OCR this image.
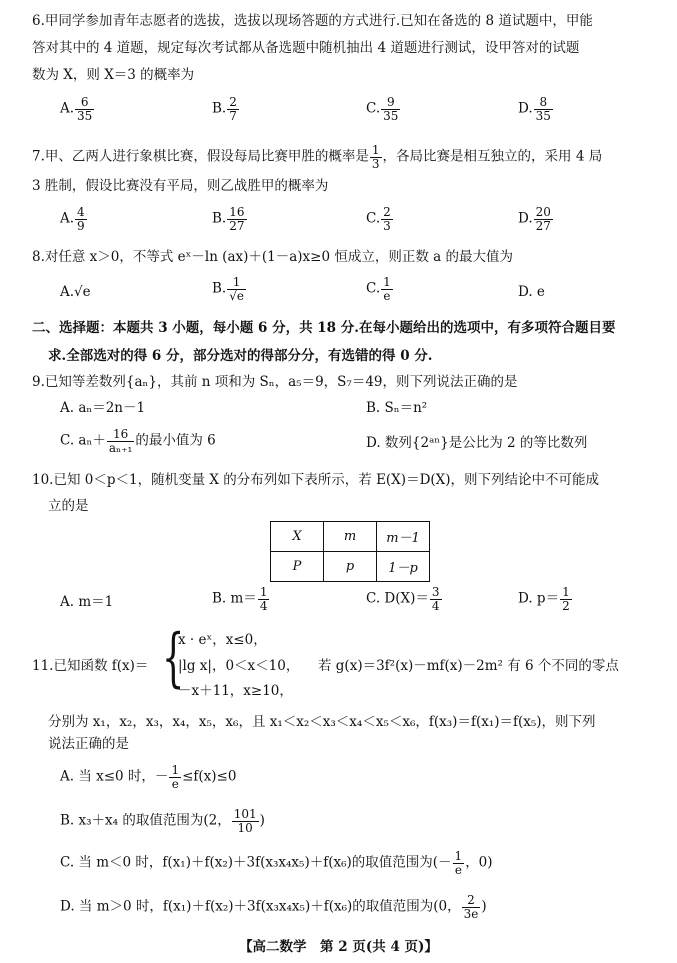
6.甲同学参加青年志愿者的选拔，选拔以现场答题的方式进行.已知在备选的 8 道试题中，甲能
答对其中的 4 道题，规定每次考试都从备选题中随机抽出 4 道题进行测试，设甲答对的试题
数为 X，则 X＝3 的概率为
A. $\frac{6}{35}$	B. $\frac{2}{7}$	C. $\frac{9}{35}$	D. $\frac{8}{35}$
7.甲、乙两人进行象棋比赛，假设每局比赛甲胜的概率是 $\frac{1}{3}$ ，各局比赛是相互独立的，采用 4 局
3 胜制，假设比赛没有平局，则乙战胜甲的概率为
A. $\frac{4}{9}$	B. $\frac{16}{27}$	C. $\frac{2}{3}$	D. $\frac{20}{27}$
8.对任意 x＞0，不等式 eˣ－ln (ax)＋(1－a)x≥0 恒成立，则正数 a 的最大值为
A.√e	B. $\frac{1}{√e}$	C. $\frac{1}{e}$	D. e
二、选择题：本题共 3 小题，每小题 6 分，共 18 分.在每小题给出的选项中，有多项符合题目要
求.全部选对的得 6 分，部分选对的得部分分，有选错的得 0 分.
9.已知等差数列{aₙ}，其前 n 项和为 Sₙ，a₅＝9，S₇＝49，则下列说法正确的是
A. aₙ＝2n－1	B. Sₙ＝n²
C. $a_n+ \frac{16}{\text{aₙ₊₁}}$ 的最小值为 6	D. 数列{2ᵃⁿ}是公比为 2 的等比数列
10.已知 0＜p＜1，随机变量 X 的分布列如下表所示，若 E(X)＝D(X)，则下列结论中不可能成
立的是
X	m	m－1
P	p	1－p
A. m＝1	B. $m= \frac{1}{4}$	C. $D(X)= \frac{3}{4}$	D. $p= \frac{1}{2}$
11.已知函数 f(x)＝ {
x · eˣ，x≤0，
|lg x|，0＜x＜10，
－x＋11，x≥10，
若 g(x)＝3f²(x)－mf(x)－2m² 有 6 个不同的零点
分别为 x₁，x₂，x₃，x₄，x₅，x₆，且 x₁＜x₂＜x₃＜x₄＜x₅＜x₆，f(x₃)＝f(x₁)＝f(x₅)，则下列
说法正确的是
A. 当 x≤0 时，－ $\frac{1}{e} \le f(x)\le 0$
B. x₃＋x₄ 的取值范围为(2， $\frac{101}{10}$ )
C. 当 m＜0 时，f(x₁)＋f(x₂)＋3f(x₃x₄x₅)＋f(x₆)的取值范围为(－ $\frac{1}{e}$ ，0)
D. 当 m＞0 时，f(x₁)＋f(x₂)＋3f(x₃x₄x₅)＋f(x₆)的取值范围为(0， $\frac{2}{3e}$ )
【高二数学　第 2 页(共 4 页)】
